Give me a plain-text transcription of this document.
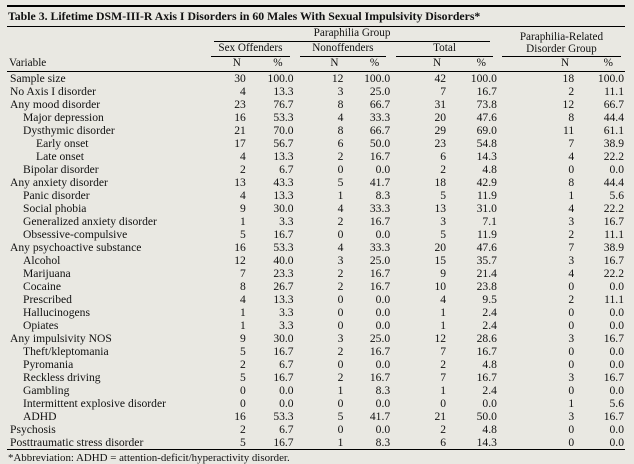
Table 3. Lifetime DSM-III-R Axis I Disorders in 60 Males With Sexual Impulsivity Disorders*
Variable	Paraphilia Group						Paraphilia-Related
Disorder Group	

	Sex Offenders		Nonoffenders		Total			

	N	%	N	%	N	%	N	%
Sample size	30	100.0	12	100.0	42	100.0	18	100.0
No Axis I disorder	4	13.3	3	25.0	7	16.7	2	11.1
Any mood disorder	23	76.7	8	66.7	31	73.8	12	66.7
Major depression	16	53.3	4	33.3	20	47.6	8	44.4
Dysthymic disorder	21	70.0	8	66.7	29	69.0	11	61.1
Early onset	17	56.7	6	50.0	23	54.8	7	38.9
Late onset	4	13.3	2	16.7	6	14.3	4	22.2
Bipolar disorder	2	6.7	0	0.0	2	4.8	0	0.0
Any anxiety disorder	13	43.3	5	41.7	18	42.9	8	44.4
Panic disorder	4	13.3	1	8.3	5	11.9	1	5.6
Social phobia	9	30.0	4	33.3	13	31.0	4	22.2
Generalized anxiety disorder	1	3.3	2	16.7	3	7.1	3	16.7
Obsessive-compulsive	5	16.7	0	0.0	5	11.9	2	11.1
Any psychoactive substance	16	53.3	4	33.3	20	47.6	7	38.9
Alcohol	12	40.0	3	25.0	15	35.7	3	16.7
Marijuana	7	23.3	2	16.7	9	21.4	4	22.2
Cocaine	8	26.7	2	16.7	10	23.8	0	0.0
Prescribed	4	13.3	0	0.0	4	9.5	2	11.1
Hallucinogens	1	3.3	0	0.0	1	2.4	0	0.0
Opiates	1	3.3	0	0.0	1	2.4	0	0.0
Any impulsivity NOS	9	30.0	3	25.0	12	28.6	3	16.7
Theft/kleptomania	5	16.7	2	16.7	7	16.7	0	0.0
Pyromania	2	6.7	0	0.0	2	4.8	0	0.0
Reckless driving	5	16.7	2	16.7	7	16.7	3	16.7
Gambling	0	0.0	1	8.3	1	2.4	0	0.0
Intermittent explosive disorder	0	0.0	0	0.0	0	0.0	1	5.6
ADHD	16	53.3	5	41.7	21	50.0	3	16.7
Psychosis	2	6.7	0	0.0	2	4.8	0	0.0
Posttraumatic stress disorder	5	16.7	1	8.3	6	14.3	0	0.0
*Abbreviation: ADHD = attention-deficit/hyperactivity disorder.
